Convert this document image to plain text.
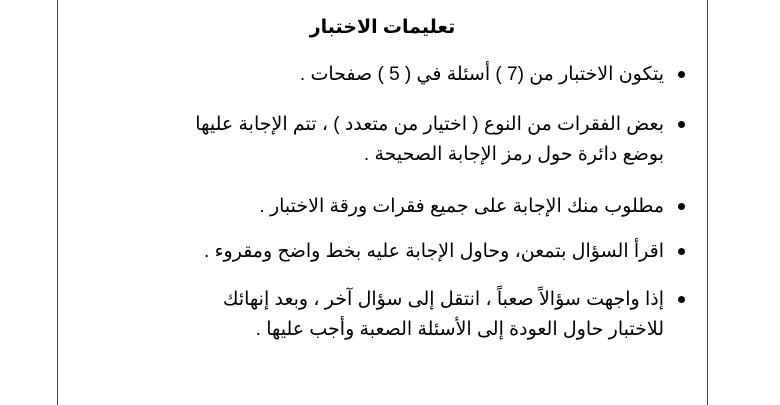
تعليمات الاختبار
يتكون الاختبار من (7 ) أسئلة في ( 5 ) صفحات .
بعض الفقرات من النوع ( اختيار من متعدد ) ، تتم الإجابة عليها
بوضع دائرة حول رمز الإجابة الصحيحة .
مطلوب منك الإجابة على جميع فقرات ورقة الاختبار .
اقرأ السؤال بتمعن، وحاول الإجابة عليه بخط واضح ومقروء .
إذا واجهت سؤالاً صعباً ، انتقل إلى سؤال آخر ، وبعد إنهائك
للاختبار حاول العودة إلى الأسئلة الصعبة وأجب عليها .
